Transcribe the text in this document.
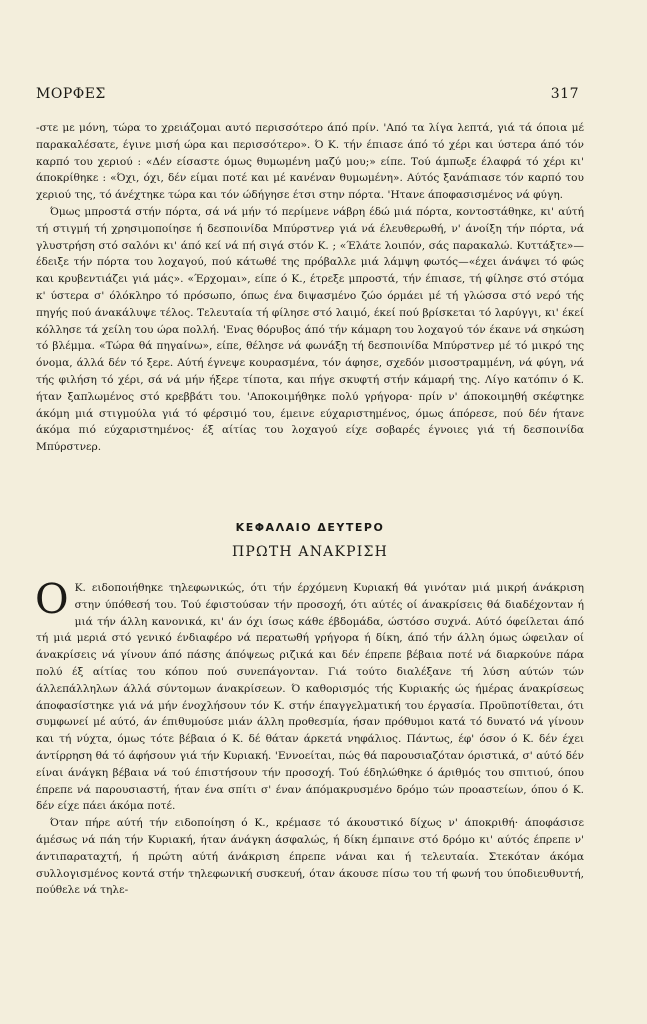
ΜΟΡΦΕΣ	317

-στε με μόνη, τώρα το χρειάζομαι αυτό περισσότερο άπό πρίν. 'Από τα λίγα λεπτά, γιά τά όποια μέ παρακαλέσατε, έγινε μισή ώρα και περισσότερο». Ό Κ. τήν έπιασε άπό τό χέρι και ύστερα άπό τόν καρπό του χεριού : «Δέν είσαστε όμως θυμωμένη μαζύ μου;» είπε. Τού άμπωξε έλαφρά τό χέρι κι' άποκρίθηκε : «Όχι, όχι, δέν είμαι ποτέ και μέ κανέναν θυμωμένη». Αύτός ξανάπιασε τόν καρπό του χεριού της, τό άνέχτηκε τώρα και τόν ώδήγησε έτσι στην πόρτα. 'Ητανε άποφασισμένος νά φύγη.

Όμως μπροστά στήν πόρτα, σά νά μήν τό περίμενε νάβρη έδώ μιά πόρτα, κοντοστάθηκε, κι' αύτή τή στιγμή τή χρησιμοποίησε ή δεσποινίδα Μπύρστνερ γιά νά έλευθερωθή, ν' άνοίξη τήν πόρτα, νά γλυστρήση στό σαλόνι κι' άπό κεί νά πή σιγά στόν Κ. ; «Έλάτε λοιπόν, σάς παρακαλώ. Κυττάξτε»—έδειξε τήν πόρτα του λοχαγού, πού κάτωθέ της πρόβαλλε μιά λάμψη φωτός—«έχει άνάψει τό φώς και κρυβεντιάζει γιά μάς». «Έρχομαι», είπε ό Κ., έτρεξε μπροστά, τήν έπιασε, τή φίλησε στό στόμα κ' ύστερα σ' όλόκληρο τό πρόσωπο, όπως ένα διψασμένο ζώο όρμάει μέ τή γλώσσα στό νερό τής πηγής πού άνακάλυψε τέλος. Τελευταία τή φίλησε στό λαιμό, έκεί πού βρίσκεται τό λαρύγγι, κι' έκεί κόλλησε τά χείλη του ώρα πολλή. 'Ενας θόρυβος άπό τήν κάμαρη του λοχαγού τόν έκανε νά σηκώση τό βλέμμα. «Τώρα θά πηγαίνω», είπε, θέλησε νά φωνάξη τή δεσποινίδα Μπύρστνερ μέ τό μικρό της όνομα, άλλά δέν τό ξερε. Αύτή έγνεψε κουρασμένα, τόν άφησε, σχεδόν μισοστραμμένη, νά φύγη, νά τής φιλήση τό χέρι, σά νά μήν ήξερε τίποτα, και πήγε σκυφτή στήν κάμαρή της. Λίγο κατόπιν ό Κ. ήταν ξαπλωμένος στό κρεββάτι του. 'Αποκοιμήθηκε πολύ γρήγορα· πρίν ν' άποκοιμηθή σκέφτηκε άκόμη μιά στιγμούλα γιά τό φέρσιμό του, έμεινε εύχαριστημένος, όμως άπόρεσε, πού δέν ήτανε άκόμα πιό εύχαριστημένος· έξ αίτίας του λοχαγού είχε σοβαρές έγνοιες γιά τή δεσποινίδα Μπύρστνερ.

ΚΕΦΑΛΑΙΟ ΔΕΥΤΕΡΟ
ΠΡΩΤΗ ΑΝΑΚΡΙΣΗ

Ο Κ. ειδοποιήθηκε τηλεφωνικώς, ότι τήν έρχόμενη Κυριακή θά γινόταν μιά μικρή άνάκριση στην ύπόθεσή του. Τού έφιστούσαν τήν προσοχή, ότι αύτές οί άνακρίσεις θά διαδέχονταν ή μιά τήν άλλη κανονικά, κι' άν όχι ίσως κάθε έβδομάδα, ώστόσο συχνά. Αύτό όφείλεται άπό τή μιά μεριά στό γενικό ένδιαφέρο νά περατωθή γρήγορα ή δίκη, άπό τήν άλλη όμως ώφειλαν οί άνακρίσεις νά γίνουν άπό πάσης άπόψεως ριζικά και δέν έπρεπε βέβαια ποτέ νά διαρκούνε πάρα πολύ έξ αίτίας του κόπου πού συνεπάγονταν. Γιά τούτο διαλέξανε τή λύση αύτών τών άλλεπάλληλων άλλά σύντομων άνακρίσεων. Ό καθορισμός τής Κυριακής ώς ήμέρας άνακρίσεως άποφασίστηκε γιά νά μήν ένοχλήσουν τόν Κ. στήν έπαγγελματική του έργασία. Προϋποτίθεται, ότι συμφωνεί μέ αύτό, άν έπιθυμούσε μιάν άλλη προθεσμία, ήσαν πρόθυμοι κατά τό δυνατό νά γίνουν και τή νύχτα, όμως τότε βέβαια ό Κ. δέ θάταν άρκετά νηφάλιος. Πάντως, έφ' όσον ό Κ. δέν έχει άντίρρηση θά τό άφήσουν γιά τήν Κυριακή. 'Εννοείται, πώς θά παρουσιαζόταν όριστικά, σ' αύτό δέν είναι άνάγκη βέβαια νά τού έπιστήσουν τήν προσοχή. Τού έδηλώθηκε ό άριθμός του σπιτιού, όπου έπρεπε νά παρουσιαστή, ήταν ένα σπίτι σ' έναν άπόμακρυσμένο δρόμο τών προαστείων, όπου ό Κ. δέν είχε πάει άκόμα ποτέ.

Όταν πήρε αύτή τήν ειδοποίηση ό Κ., κρέμασε τό άκουστικό δίχως ν' άποκριθή· άποφάσισε άμέσως νά πάη τήν Κυριακή, ήταν άνάγκη άσφαλώς, ή δίκη έμπαινε στό δρόμο κι' αύτός έπρεπε ν' άντιπαραταχτή, ή πρώτη αύτή άνάκριση έπρεπε νάναι και ή τελευταία. Στεκόταν άκόμα συλλογισμένος κοντά στήν τηλεφωνική συσκευή, όταν άκουσε πίσω του τή φωνή του ύποδιευθυντή, πούθελε νά τηλε-
